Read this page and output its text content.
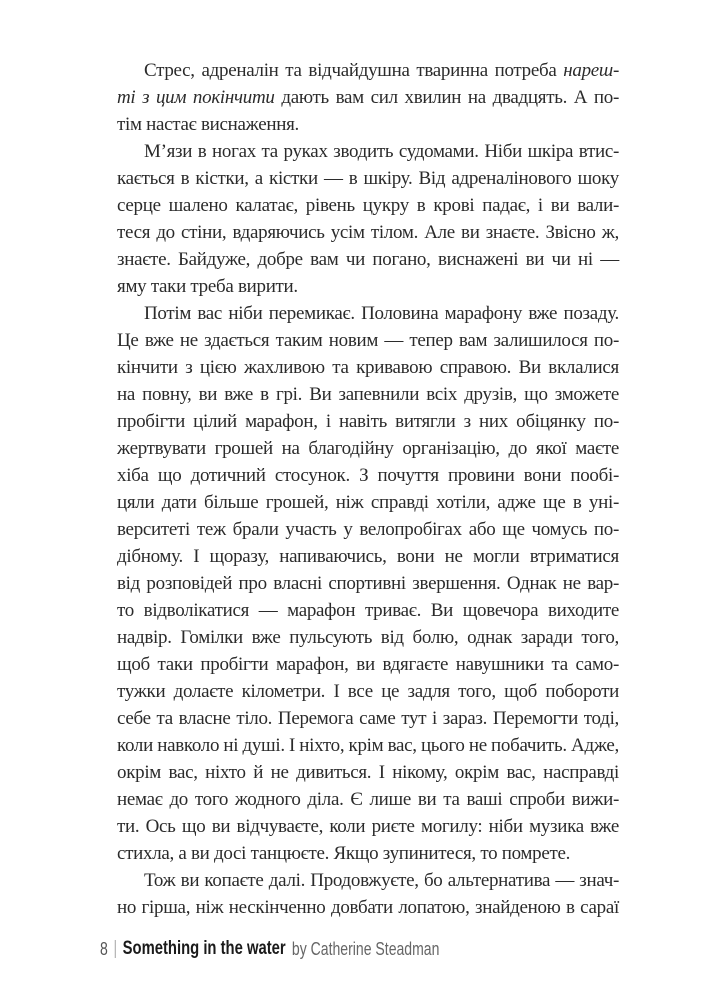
Стрес, адреналін та відчайдушна тваринна потреба нареш-
ті з цим покінчити дають вам сил хвилин на двадцять. А по-
тім настає виснаження.
М’язи в ногах та руках зводить судомами. Ніби шкіра втис-
кається в кістки, а кістки — в шкіру. Від адреналінового шоку
серце шалено калатає, рівень цукру в крові падає, і ви вали-
теся до стіни, вдаряючись усім тілом. Але ви знаєте. Звісно ж,
знаєте. Байдуже, добре вам чи погано, виснажені ви чи ні —
яму таки треба вирити.
Потім вас ніби перемикає. Половина марафону вже позаду.
Це вже не здається таким новим — тепер вам залишилося по-
кінчити з цією жахливою та кривавою справою. Ви вклалися
на повну, ви вже в грі. Ви запевнили всіх друзів, що зможете
пробігти цілий марафон, і навіть витягли з них обіцянку по-
жертвувати грошей на благодійну організацію, до якої маєте
хіба що дотичний стосунок. З почуття провини вони пообі-
цяли дати більше грошей, ніж справді хотіли, адже ще в уні-
верситеті теж брали участь у велопробігах або ще чомусь по-
дібному. І щоразу, напиваючись, вони не могли втриматися
від розповідей про власні спортивні звершення. Однак не вар-
то відволікатися — марафон триває. Ви щовечора виходите
надвір. Гомілки вже пульсують від болю, однак заради того,
щоб таки пробігти марафон, ви вдягаєте навушники та само-
тужки долаєте кілометри. І все це задля того, щоб побороти
себе та власне тіло. Перемога саме тут і зараз. Перемогти тоді,
коли навколо ні душі. І ніхто, крім вас, цього не побачить. Адже,
окрім вас, ніхто й не дивиться. І нікому, окрім вас, насправді
немає до того жодного діла. Є лише ви та ваші спроби вижи-
ти. Ось що ви відчуваєте, коли риєте могилу: ніби музика вже
стихла, а ви досі танцюєте. Якщо зупинитеся, то помрете.
Тож ви копаєте далі. Продовжуєте, бо альтернатива — знач-
но гірша, ніж нескінченно довбати лопатою, знайденою в сараї
8 Something in the water by Catherine Steadman
